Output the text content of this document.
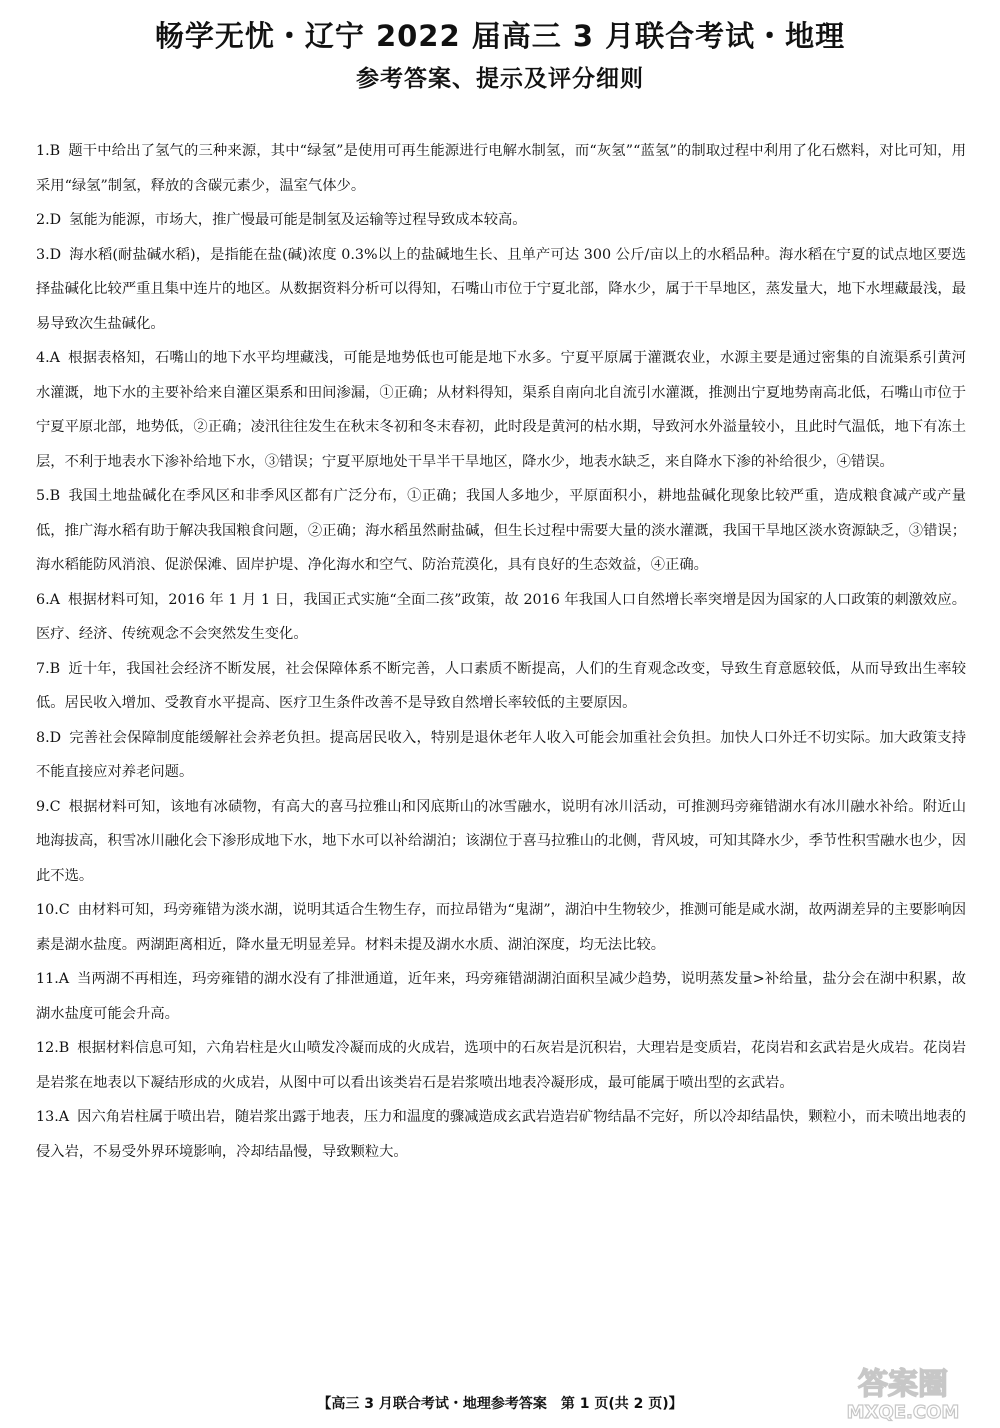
畅学无忧・辽宁 2022 届高三 3 月联合考试・地理
参考答案、提示及评分细则

1.B 题干中给出了氢气的三种来源，其中“绿氢”是使用可再生能源进行电解水制氢，而“灰氢”“蓝氢”的制取过程中利用了化石燃料，对比可知，用采用“绿氢”制氢，释放的含碳元素少，温室气体少。

2.D 氢能为能源，市场大，推广慢最可能是制氢及运输等过程导致成本较高。

3.D 海水稻(耐盐碱水稻)，是指能在盐(碱)浓度 0.3%以上的盐碱地生长、且单产可达 300 公斤/亩以上的水稻品种。海水稻在宁夏的试点地区要选择盐碱化比较严重且集中连片的地区。从数据资料分析可以得知，石嘴山市位于宁夏北部，降水少，属于干旱地区，蒸发量大，地下水埋藏最浅，最易导致次生盐碱化。

4.A 根据表格知，石嘴山的地下水平均埋藏浅，可能是地势低也可能是地下水多。宁夏平原属于灌溉农业，水源主要是通过密集的自流渠系引黄河水灌溉，地下水的主要补给来自灌区渠系和田间渗漏，①正确；从材料得知，渠系自南向北自流引水灌溉，推测出宁夏地势南高北低，石嘴山市位于宁夏平原北部，地势低，②正确；凌汛往往发生在秋末冬初和冬末春初，此时段是黄河的枯水期，导致河水外溢量较小，且此时气温低，地下有冻土层，不利于地表水下渗补给地下水，③错误；宁夏平原地处干旱半干旱地区，降水少，地表水缺乏，来自降水下渗的补给很少，④错误。

5.B 我国土地盐碱化在季风区和非季风区都有广泛分布，①正确；我国人多地少，平原面积小，耕地盐碱化现象比较严重，造成粮食减产或产量低，推广海水稻有助于解决我国粮食问题，②正确；海水稻虽然耐盐碱，但生长过程中需要大量的淡水灌溉，我国干旱地区淡水资源缺乏，③错误；海水稻能防风消浪、促淤保滩、固岸护堤、净化海水和空气、防治荒漠化，具有良好的生态效益，④正确。

6.A 根据材料可知，2016 年 1 月 1 日，我国正式实施“全面二孩”政策，故 2016 年我国人口自然增长率突增是因为国家的人口政策的刺激效应。医疗、经济、传统观念不会突然发生变化。

7.B 近十年，我国社会经济不断发展，社会保障体系不断完善，人口素质不断提高，人们的生育观念改变，导致生育意愿较低，从而导致出生率较低。居民收入增加、受教育水平提高、医疗卫生条件改善不是导致自然增长率较低的主要原因。

8.D 完善社会保障制度能缓解社会养老负担。提高居民收入，特别是退休老年人收入可能会加重社会负担。加快人口外迁不切实际。加大政策支持不能直接应对养老问题。

9.C 根据材料可知，该地有冰碛物，有高大的喜马拉雅山和冈底斯山的冰雪融水，说明有冰川活动，可推测玛旁雍错湖水有冰川融水补给。附近山地海拔高，积雪冰川融化会下渗形成地下水，地下水可以补给湖泊；该湖位于喜马拉雅山的北侧，背风坡，可知其降水少，季节性积雪融水也少，因此不选。

10.C 由材料可知，玛旁雍错为淡水湖，说明其适合生物生存，而拉昂错为“鬼湖”，湖泊中生物较少，推测可能是咸水湖，故两湖差异的主要影响因素是湖水盐度。两湖距离相近，降水量无明显差异。材料未提及湖水水质、湖泊深度，均无法比较。

11.A 当两湖不再相连，玛旁雍错的湖水没有了排泄通道，近年来，玛旁雍错湖湖泊面积呈减少趋势，说明蒸发量>补给量，盐分会在湖中积累，故湖水盐度可能会升高。

12.B 根据材料信息可知，六角岩柱是火山喷发冷凝而成的火成岩，选项中的石灰岩是沉积岩，大理岩是变质岩，花岗岩和玄武岩是火成岩。花岗岩是岩浆在地表以下凝结形成的火成岩，从图中可以看出该类岩石是岩浆喷出地表冷凝形成，最可能属于喷出型的玄武岩。

13.A 因六角岩柱属于喷出岩，随岩浆出露于地表，压力和温度的骤减造成玄武岩造岩矿物结晶不完好，所以冷却结晶快，颗粒小，而未喷出地表的侵入岩，不易受外界环境影响，冷却结晶慢，导致颗粒大。

【高三 3 月联合考试・地理参考答案　第 1 页(共 2 页)】
答案圈
MXQE.COM
